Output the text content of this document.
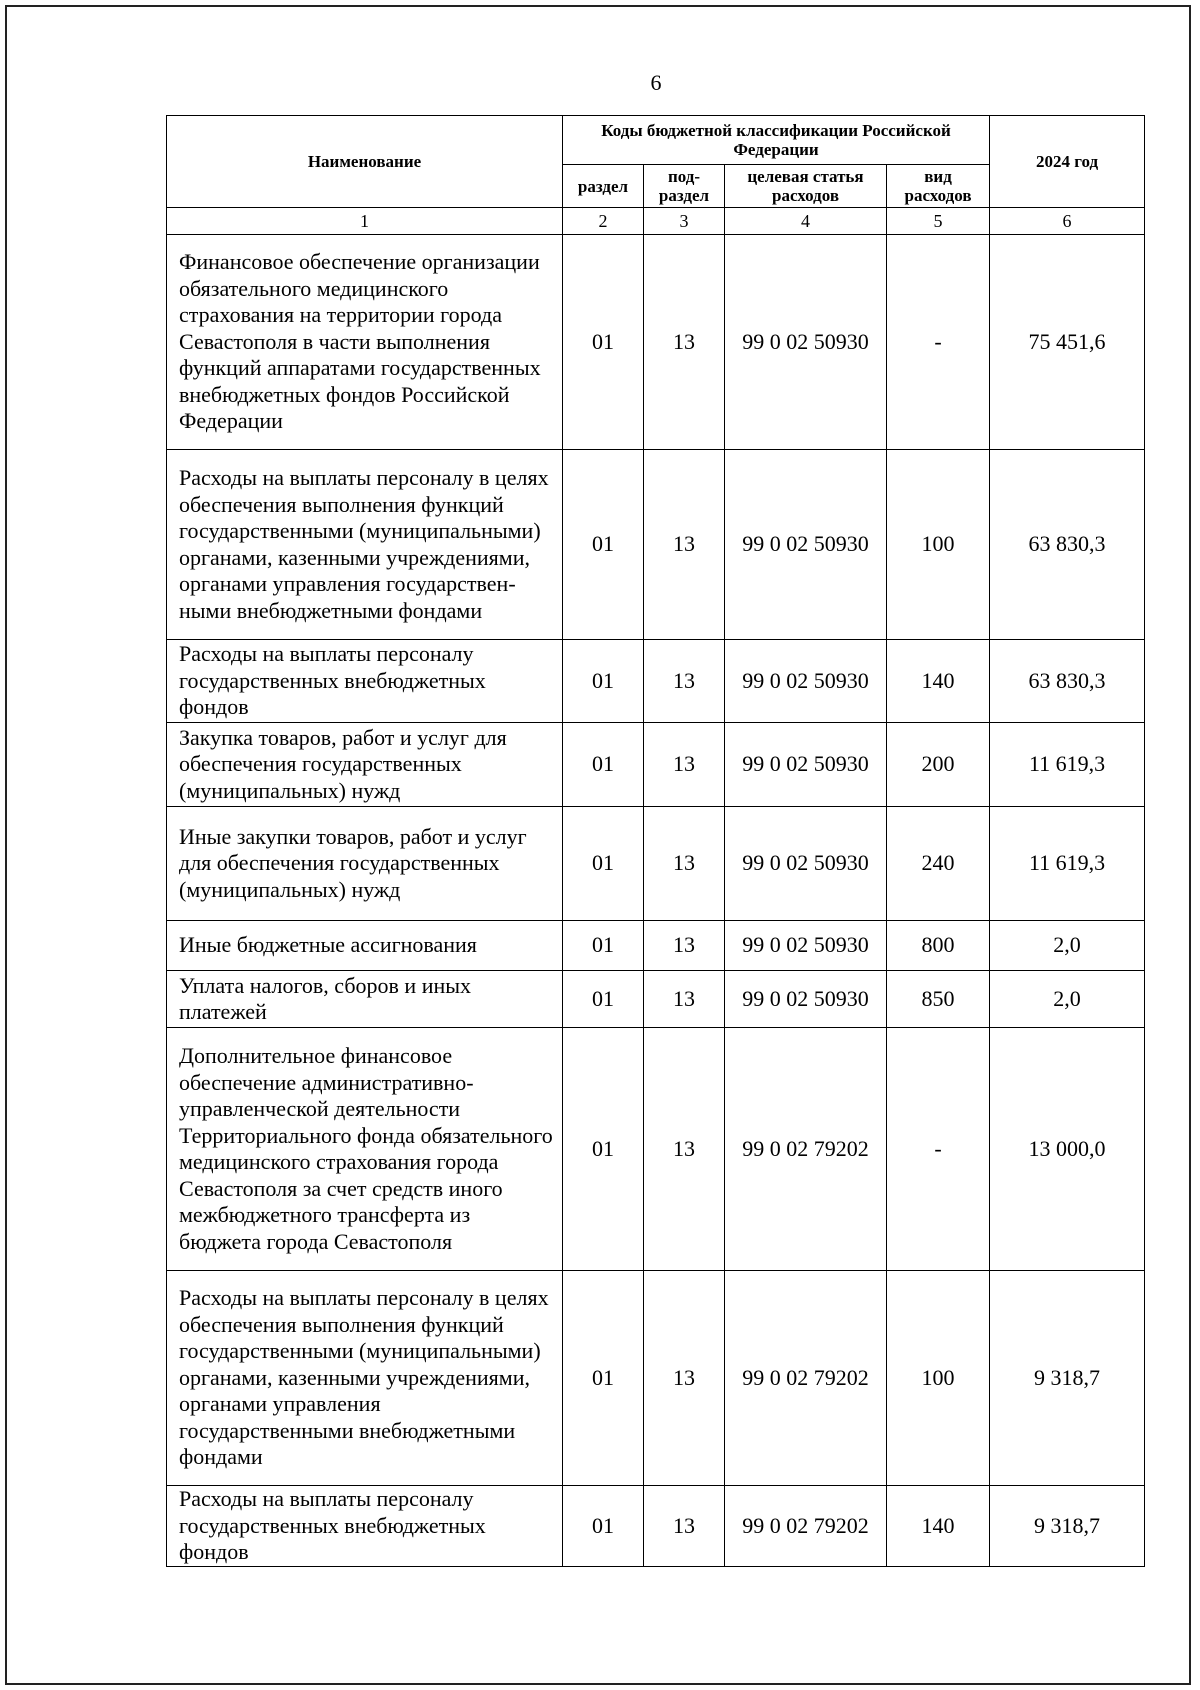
6
Наименование	Коды бюджетной классификации Российской Федерации				2024 год
	раздел	под-раздел	целевая статья расходов	вид расходов	
1	2	3	4	5	6
Финансовое обеспечение организации обязательного медицинского страхования на территории города Севастополя в части выполнения функций аппаратами государственных внебюджетных фондов Российской Федерации	01	13	99 0 02 50930	-	75 451,6
Расходы на выплаты персоналу в целях обеспечения выполнения функций государственными (муниципальными) органами, казенными учреждениями, органами управления государствен-ными внебюджетными фондами	01	13	99 0 02 50930	100	63 830,3
Расходы на выплаты персоналу государственных внебюджетных фондов	01	13	99 0 02 50930	140	63 830,3
Закупка товаров, работ и услуг для обеспечения государственных (муниципальных) нужд	01	13	99 0 02 50930	200	11 619,3
Иные закупки товаров, работ и услуг для обеспечения государственных (муниципальных) нужд	01	13	99 0 02 50930	240	11 619,3
Иные бюджетные ассигнования	01	13	99 0 02 50930	800	2,0
Уплата налогов, сборов и иных платежей	01	13	99 0 02 50930	850	2,0
Дополнительное финансовое обеспечение административно-управленческой деятельности Территориального фонда обязательного медицинского страхования города Севастополя за счет средств иного межбюджетного трансферта из бюджета города Севастополя	01	13	99 0 02 79202	-	13 000,0
Расходы на выплаты персоналу в целях обеспечения выполнения функций государственными (муниципальными) органами, казенными учреждениями, органами управления государственными внебюджетными фондами	01	13	99 0 02 79202	100	9 318,7
Расходы на выплаты персоналу государственных внебюджетных фондов	01	13	99 0 02 79202	140	9 318,7
